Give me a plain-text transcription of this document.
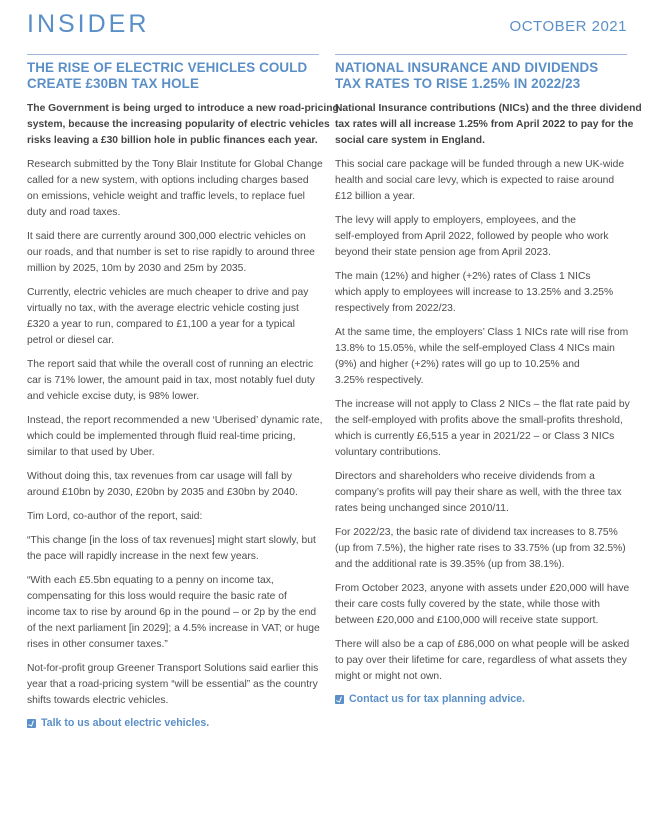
INSIDER	OCTOBER 2021
THE RISE OF ELECTRIC VEHICLES COULD
CREATE £30BN TAX HOLE
The Government is being urged to introduce a new road-pricing
system, because the increasing popularity of electric vehicles
risks leaving a £30 billion hole in public finances each year.
Research submitted by the Tony Blair Institute for Global Change
called for a new system, with options including charges based
on emissions, vehicle weight and traffic levels, to replace fuel
duty and road taxes.
It said there are currently around 300,000 electric vehicles on
our roads, and that number is set to rise rapidly to around three
million by 2025, 10m by 2030 and 25m by 2035.
Currently, electric vehicles are much cheaper to drive and pay
virtually no tax, with the average electric vehicle costing just
£320 a year to run, compared to £1,100 a year for a typical
petrol or diesel car.
The report said that while the overall cost of running an electric
car is 71% lower, the amount paid in tax, most notably fuel duty
and vehicle excise duty, is 98% lower.
Instead, the report recommended a new ‘Uberised’ dynamic rate,
which could be implemented through fluid real-time pricing,
similar to that used by Uber.
Without doing this, tax revenues from car usage will fall by
around £10bn by 2030, £20bn by 2035 and £30bn by 2040.
Tim Lord, co-author of the report, said:
“This change [in the loss of tax revenues] might start slowly, but
the pace will rapidly increase in the next few years.
“With each £5.5bn equating to a penny on income tax,
compensating for this loss would require the basic rate of
income tax to rise by around 6p in the pound – or 2p by the end
of the next parliament [in 2029]; a 4.5% increase in VAT; or huge
rises in other consumer taxes.”
Not-for-profit group Greener Transport Solutions said earlier this
year that a road-pricing system “will be essential” as the country
shifts towards electric vehicles.
Talk to us about electric vehicles.
NATIONAL INSURANCE AND DIVIDENDS
TAX RATES TO RISE 1.25% IN 2022/23
National Insurance contributions (NICs) and the three dividend
tax rates will all increase 1.25% from April 2022 to pay for the
social care system in England.
This social care package will be funded through a new UK-wide
health and social care levy, which is expected to raise around
£12 billion a year.
The levy will apply to employers, employees, and the
self-employed from April 2022, followed by people who work
beyond their state pension age from April 2023.
The main (12%) and higher (+2%) rates of Class 1 NICs
which apply to employees will increase to 13.25% and 3.25%
respectively from 2022/23.
At the same time, the employers’ Class 1 NICs rate will rise from
13.8% to 15.05%, while the self-employed Class 4 NICs main
(9%) and higher (+2%) rates will go up to 10.25% and
3.25% respectively.
The increase will not apply to Class 2 NICs – the flat rate paid by
the self-employed with profits above the small-profits threshold,
which is currently £6,515 a year in 2021/22 – or Class 3 NICs
voluntary contributions.
Directors and shareholders who receive dividends from a
company’s profits will pay their share as well, with the three tax
rates being unchanged since 2010/11.
For 2022/23, the basic rate of dividend tax increases to 8.75%
(up from 7.5%), the higher rate rises to 33.75% (up from 32.5%)
and the additional rate is 39.35% (up from 38.1%).
From October 2023, anyone with assets under £20,000 will have
their care costs fully covered by the state, while those with
between £20,000 and £100,000 will receive state support.
There will also be a cap of £86,000 on what people will be asked
to pay over their lifetime for care, regardless of what assets they
might or might not own.
Contact us for tax planning advice.
